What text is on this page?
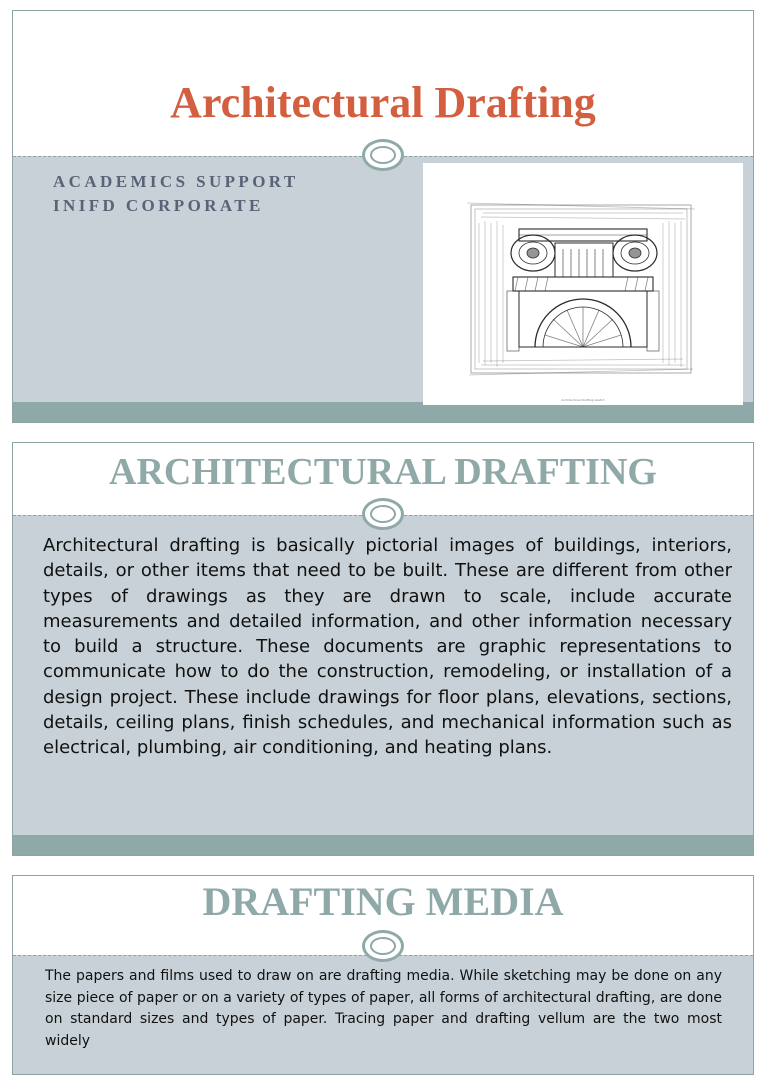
Architectural Drafting
ACADEMICS SUPPORT
INIFD CORPORATE
Architectural Drafting sketch
ARCHITECTURAL DRAFTING

Architectural drafting is basically pictorial images of buildings, interiors, details, or other items that need to be built. These are different from other types of drawings as they are drawn to scale, include accurate measurements and detailed information, and other information necessary to build a structure. These documents are graphic representations to communicate how to do the construction, remodeling, or installation of a design project. These include drawings for floor plans, elevations, sections, details, ceiling plans, finish schedules, and mechanical information such as electrical, plumbing, air conditioning, and heating plans.

DRAFTING MEDIA

The papers and films used to draw on are drafting media. While sketching may be done on any size piece of paper or on a variety of types of paper, all forms of architectural drafting, are done on standard sizes and types of paper. Tracing paper and drafting vellum are the two most widely
